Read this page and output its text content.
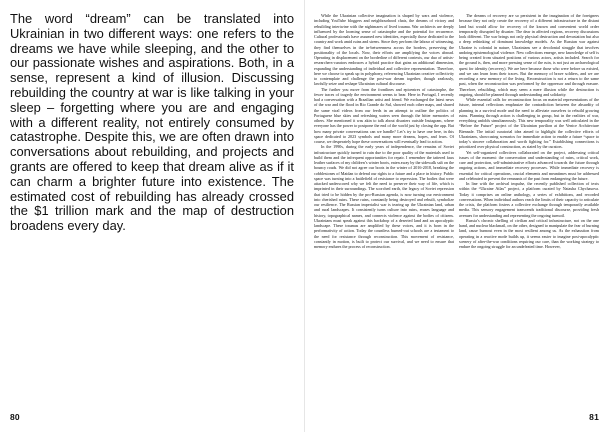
The word “dream” can be translated into Ukrainian in two different ways: one refers to the dreams we have while sleeping, and the other to our passionate wishes and aspirations. Both, in a sense, represent a kind of illusion. Discussing rebuilding the country at war is like talking in your sleep – forgetting where you are and engaging with a different reality, not entirely consumed by catastrophe. Despite this, we are often drawn into conversations about rebuilding, and projects and grants are offered to keep that dream alive as if it can charm a brighter future into existence. The estimated cost of rebuilding has already crossed the $1 trillion mark and the map of destruction broadens every day.

80

While the Ukrainian collective imagination is shaped by wars and violence, including YouTube bloggers and neighbourhood chats, the dreams of victory and rebuilding intertwine with the nightmares of lived trauma. War architects are deeply influenced by the looming sense of catastrophe and the potential for recurrence. Cultural professionals have assumed new identities, especially those dedicated to the country and work amid ruins and sirens. Since they perform the labour of witnessing, they find themselves in the in-betweenness across the borders, preserving the positionality of the locals. Now, their efforts are amplifying the voices abroad. Operating in displacement on the borderline of different contexts, our duo of artists-researchers-curators embraces a hybrid practice that gains an additional dimension, expanding the understanding of individual and collective representation. Therefore, here we choose to speak up in polyphony, referencing Ukrainian creative collectivity to contemplate and challenge the post-war dream together, though zealously, lawfully seize and reshape Ukrainian cultural discourse.

The further you move from the frontlines and epicentres of catastrophe, the fewer traces of tragedy the environment seems to bear. Here in Portugal, I recently had a conversation with a Brazilian artist and friend. We exchanged the latest news of the war and the flood in Rio Grande do Sul, showed each other maps, and shared the same viral videos from our feeds in an attempt to outline the politics of Portuguese blue skies and refreshing waters seen through the bitter memories of others. She mentioned it was akin to talk about disasters outside Instagram, where everyone has the power to postpone the end of the world just by closing the app. But how many private conversations can we handle? Let’s try to have one here, in this space dedicated to 2023 symbols and many more dreams, hopes, and fears. Of course, we desperately hope these conversations will eventually lead to action.

In the 1990s, during the early years of independence, the remains of Soviet infrastructure quickly turned to ruin due to the poor quality of the materials used to build them and the infrequent opportunities for repair. I remember the tattered faux leather surfaces of my children’s winter boots, eaten away by the sidewalk salt on the bouncy roads. We did not agree our boots in the winter of 2016-2018, breaking the cobblestones of Maidan to defend our rights to a future and a place in history. Public space was turning into a battlefield of resistance to repression. The bodies that were attacked underscored why we felt the need to preserve their way of life, which is imprinted in their surroundings. The scorched earth, the legacy of Soviet repression that tried to be hidden by the pro-Russian agenda, is now turning our environment into cherished ruins. These ruins, constantly being destroyed and rebuilt, symbolize our resilience. The Russian imperialist war is tearing up the Ukrainian land, urban and rural landscapes. It consistently turns culture into ruins, erases language and history, topographical names, and connects violence against the bodies of citizens. Ukrainians must speak against this backdrop of a deserted land and an apocalyptic landscape. These traumas are amplified by these voices, and it is born in the performativity of action. Today the countless burned-out schools are a testament to the need for resistance through reconstruction. This movement of resistance, constantly in motion, is built to protect our survival, and we need to ensure that memory endures the process of reconstruction.

The dreams of recovery are so persistent in the imagination of the foreigners because they not only create the recovery of a different infrastructure in the distant land but would allow for recovery of the known and convenient world order temporarily disrupted by disaster. The dear in affected regions, recovery discussions look different. The war brings not only physical destruction and devastation but also a deep rethinking of dominant knowledge models. As the Russian war against Ukraine is colonial in nature, Ukrainians see a decolonial struggle that involves undoing epistemological violence. New collections emerge, new knowledge of self is being created from situated positions of various actors, artists included. Search for the ground is, then, and more pressing sense of the ruin, is not just an archaeological quest for identity (recovery). We are here because those who were before us existed, and we can learn from their traces. But the memory of brave soldiers, and we are recording a new memory of the living. Reconstruction is not a return to the same past, when the reconstruction was performed by the oppressor and through erasure. Therefore, rebuilding, which may seem a mere illusion while the destruction is ongoing, should be planned through understanding and solidarity.

While essential calls for reconstruction focus on material representations of the future, internal reflections emphasize the contradiction between the absurdity of planning in a survival mode and the need to alleviate ourselves to rebuild growing ruins. Planning through action is challenging in group, but in the realities of war, everything unfolds simultaneously. This new temporality was well articulated in the “Before the Future” project of the Ukrainian pavilion at the Venice Architecture Biennale. The initial curatorial idea aimed to highlight the collective efforts of Ukrainians, showcasing scenarios for immediate action to enable a future “space to today’s sincere collaboration and worth fighting for.” Establishing connections is prioritized over physical construction, as stated by the curators.

Yet self-organized collectives collaborated on the project, addressing critical issues of the moment: the conservation and understanding of ruins, critical work, care and protection, self-administrative efforts advanced towards the future through ongoing actions, and immediate recovery processes. While immediate recovery is essential for critical operations, crucial elements and meantimes must be addressed and celebrated to prevent the remnants of the past from endangering the future.

In line with the archival impulse, the recently published collection of texts within the “Ukraine Atlas” project, a platform curated by Natasha Chychasova. Today it comprises an online anthology, a series of exhibitions, and recorded conversations. When individual authors reach the limits of their capacity to articulate the crisis, the platform fosters a collective exchange through temporarily available media. This sensory engagement transcends traditional discourse, providing fresh avenues for understanding and representing the ongoing turmoil.

Russia’s chronic shelling of civilian and critical infrastructure, not on the one hand, and nuclear blackmail, on the other, designed to manipulate the fear of burning land, cause burnout even in the most resilient among us. As the exhaustion from operating in a reactive mode builds up, it seems easier to imagine post-apocalyptic scenery of after-the-war conditions requiring our care, than the working strategy to endure the ongoing struggle for an undefeated time. However,

81
